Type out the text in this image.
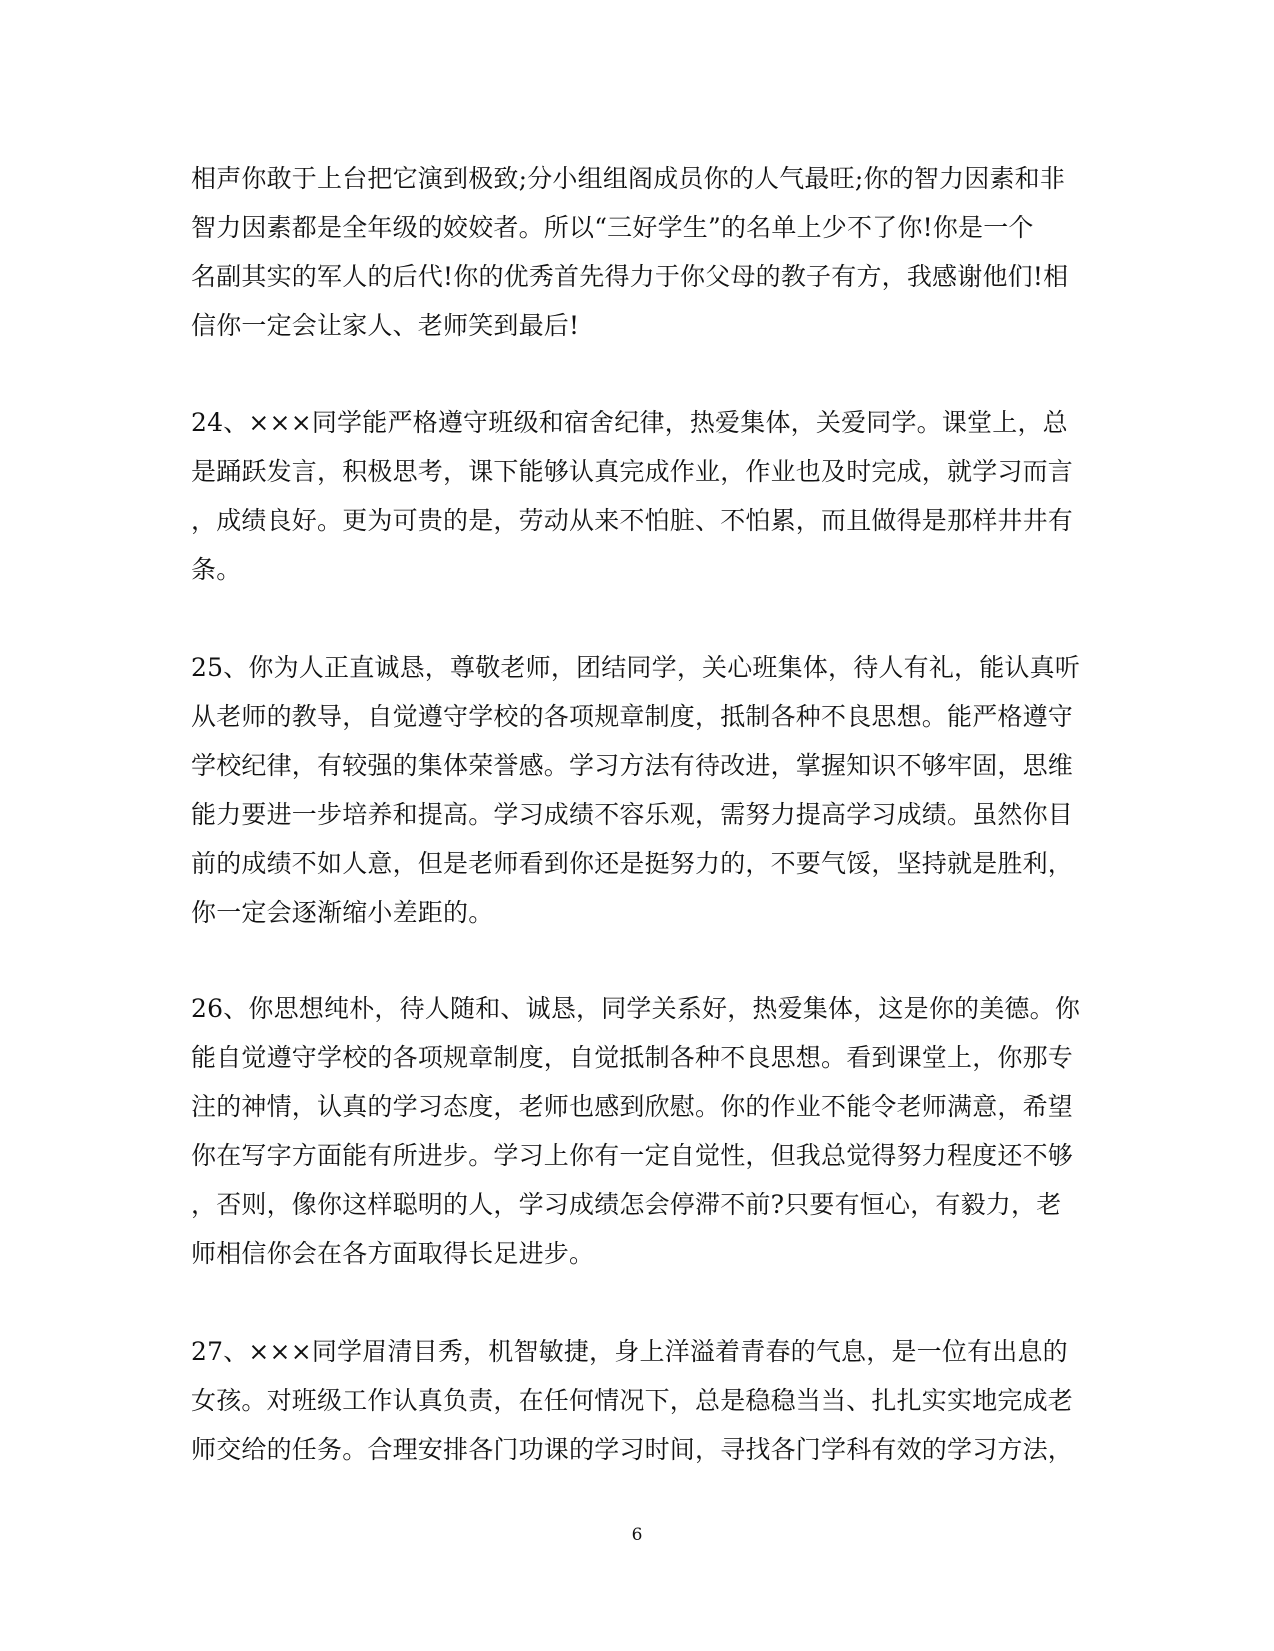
相声你敢于上台把它演到极致;分小组组阁成员你的人气最旺;你的智力因素和非
智力因素都是全年级的姣姣者。所以“三好学生”的名单上少不了你!你是一个
名副其实的军人的后代!你的优秀首先得力于你父母的教子有方，我感谢他们!相
信你一定会让家人、老师笑到最后!
24、×××同学能严格遵守班级和宿舍纪律，热爱集体，关爱同学。课堂上，总
是踊跃发言，积极思考，课下能够认真完成作业，作业也及时完成，就学习而言
，成绩良好。更为可贵的是，劳动从来不怕脏、不怕累，而且做得是那样井井有
条。
25、你为人正直诚恳，尊敬老师，团结同学，关心班集体，待人有礼，能认真听
从老师的教导，自觉遵守学校的各项规章制度，抵制各种不良思想。能严格遵守
学校纪律，有较强的集体荣誉感。学习方法有待改进，掌握知识不够牢固，思维
能力要进一步培养和提高。学习成绩不容乐观，需努力提高学习成绩。虽然你目
前的成绩不如人意，但是老师看到你还是挺努力的，不要气馁，坚持就是胜利，
你一定会逐渐缩小差距的。
26、你思想纯朴，待人随和、诚恳，同学关系好，热爱集体，这是你的美德。你
能自觉遵守学校的各项规章制度，自觉抵制各种不良思想。看到课堂上，你那专
注的神情，认真的学习态度，老师也感到欣慰。你的作业不能令老师满意，希望
你在写字方面能有所进步。学习上你有一定自觉性，但我总觉得努力程度还不够
，否则，像你这样聪明的人，学习成绩怎会停滞不前?只要有恒心，有毅力，老
师相信你会在各方面取得长足进步。
27、×××同学眉清目秀，机智敏捷，身上洋溢着青春的气息，是一位有出息的
女孩。对班级工作认真负责，在任何情况下，总是稳稳当当、扎扎实实地完成老
师交给的任务。合理安排各门功课的学习时间，寻找各门学科有效的学习方法，
6
